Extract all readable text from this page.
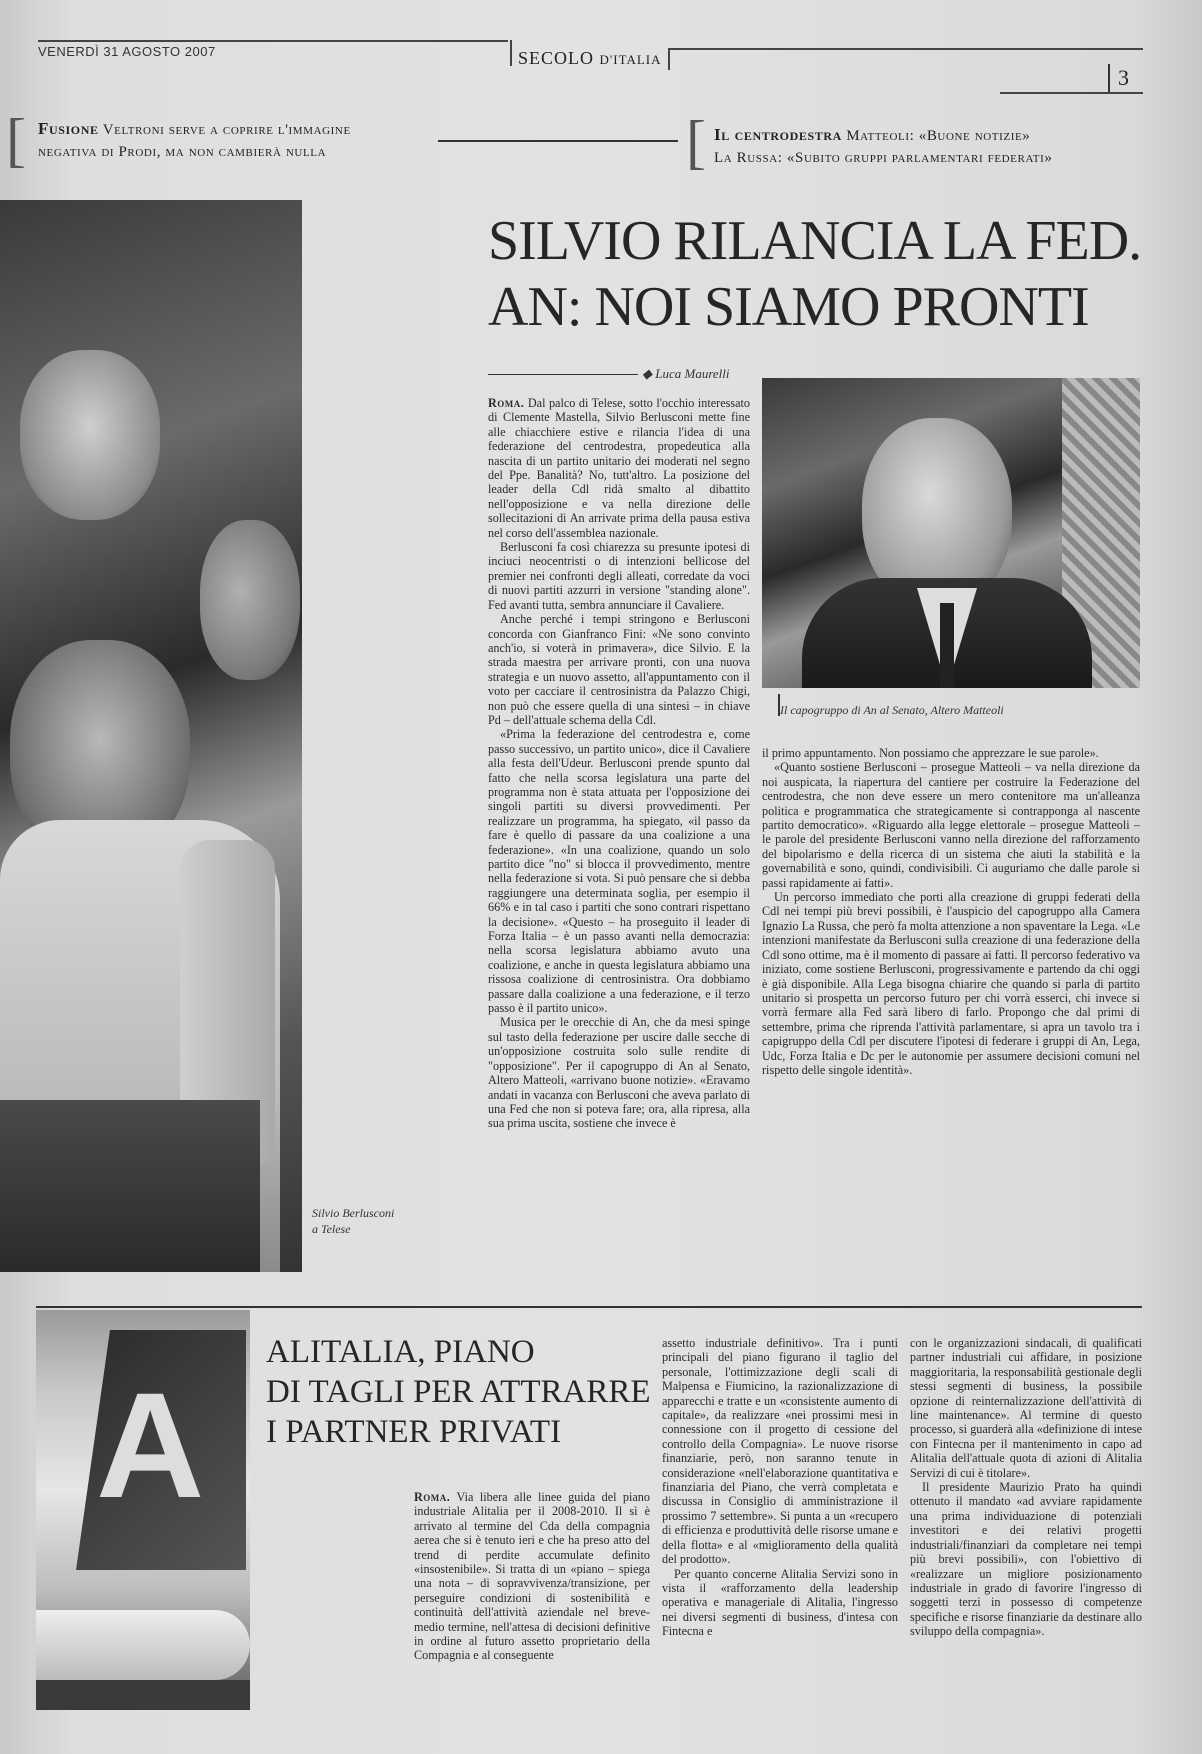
VENERDÌ 31 AGOSTO 2007	SECOLO D'ITALIA
3
[ Fusione Veltroni serve a coprire l'immagine
negativa di Prodi, ma non cambierà nulla	[ Il centrodestra Matteoli: «Buone notizie»
La Russa: «Subito gruppi parlamentari federati»
SILVIO RILANCIA LA FED.
AN: NOI SIAMO PRONTI
◆ Luca Maurelli
Silvio Berlusconi a Telese
Il capogruppo di An al Senato, Altero Matteoli

Roma. Dal palco di Telese, sotto l'occhio interessato di Clemente Mastella, Silvio Berlusconi mette fine alle chiacchiere estive e rilancia l'idea di una federazione del centrodestra, propedeutica alla nascita di un partito unitario dei moderati nel segno del Ppe. Banalità? No, tutt'altro. La posizione del leader della Cdl ridà smalto al dibattito nell'opposizione e va nella direzione delle sollecitazioni di An arrivate prima della pausa estiva nel corso dell'assemblea nazionale.

Berlusconi fa così chiarezza su presunte ipotesi di inciuci neocentristi o di intenzioni bellicose del premier nei confronti degli alleati, corredate da voci di nuovi partiti azzurri in versione "standing alone". Fed avanti tutta, sembra annunciare il Cavaliere.

Anche perché i tempi stringono e Berlusconi concorda con Gianfranco Fini: «Ne sono convinto anch'io, si voterà in primavera», dice Silvio. E la strada maestra per arrivare pronti, con una nuova strategia e un nuovo assetto, all'appuntamento con il voto per cacciare il centrosinistra da Palazzo Chigi, non può che essere quella di una sintesi – in chiave Pd – dell'attuale schema della Cdl.

«Prima la federazione del centrodestra e, come passo successivo, un partito unico», dice il Cavaliere alla festa dell'Udeur. Berlusconi prende spunto dal fatto che nella scorsa legislatura una parte del programma non è stata attuata per l'opposizione dei singoli partiti su diversi provvedimenti. Per realizzare un programma, ha spiegato, «il passo da fare è quello di passare da una coalizione a una federazione». «In una coalizione, quando un solo partito dice "no" si blocca il provvedimento, mentre nella federazione si vota. Si può pensare che si debba raggiungere una determinata soglia, per esempio il 66% e in tal caso i partiti che sono contrari rispettano la decisione». «Questo – ha proseguito il leader di Forza Italia – è un passo avanti nella democrazia: nella scorsa legislatura abbiamo avuto una coalizione, e anche in questa legislatura abbiamo una rissosa coalizione di centrosinistra. Ora dobbiamo passare dalla coalizione a una federazione, e il terzo passo è il partito unico».

Musica per le orecchie di An, che da mesi spinge sul tasto della federazione per uscire dalle secche di un'opposizione costruita solo sulle rendite di "opposizione". Per il capogruppo di An al Senato, Altero Matteoli, «arrivano buone notizie». «Eravamo andati in vacanza con Berlusconi che aveva parlato di una Fed che non si poteva fare; ora, alla ripresa, alla sua prima uscita, sostiene che invece è

il primo appuntamento. Non possiamo che apprezzare le sue parole».

«Quanto sostiene Berlusconi – prosegue Matteoli – va nella direzione da noi auspicata, la riapertura del cantiere per costruire la Federazione del centrodestra, che non deve essere un mero contenitore ma un'alleanza politica e programmatica che strategicamente si contrapponga al nascente partito democratico». «Riguardo alla legge elettorale – prosegue Matteoli – le parole del presidente Berlusconi vanno nella direzione del rafforzamento del bipolarismo e della ricerca di un sistema che aiuti la stabilità e la governabilità e sono, quindi, condivisibili. Ci auguriamo che dalle parole si passi rapidamente ai fatti».

Un percorso immediato che porti alla creazione di gruppi federati della Cdl nei tempi più brevi possibili, è l'auspicio del capogruppo alla Camera Ignazio La Russa, che però fa molta attenzione a non spaventare la Lega. «Le intenzioni manifestate da Berlusconi sulla creazione di una federazione della Cdl sono ottime, ma è il momento di passare ai fatti. Il percorso federativo va iniziato, come sostiene Berlusconi, progressivamente e partendo da chi oggi è già disponibile. Alla Lega bisogna chiarire che quando si parla di partito unitario si prospetta un percorso futuro per chi vorrà esserci, chi invece si vorrà fermare alla Fed sarà libero di farlo. Propongo che dal primi di settembre, prima che riprenda l'attività parlamentare, si apra un tavolo tra i capigruppo della Cdl per discutere l'ipotesi di federare i gruppi di An, Lega, Udc, Forza Italia e Dc per le autonomie per assumere decisioni comuni nel rispetto delle singole identità».

A
ALITALIA, PIANO
DI TAGLI PER ATTRARRE
I PARTNER PRIVATI

Roma. Via libera alle linee guida del piano industriale Alitalia per il 2008-2010. Il sì è arrivato al termine del Cda della compagnia aerea che si è tenuto ieri e che ha preso atto del trend di perdite accumulate definito «insostenibile». Si tratta di un «piano – spiega una nota – di sopravvivenza/transizione, per perseguire condizioni di sostenibilità e continuità dell'attività aziendale nel breve-medio termine, nell'attesa di decisioni definitive in ordine al futuro assetto proprietario della Compagnia e al conseguente

assetto industriale definitivo». Tra i punti principali del piano figurano il taglio del personale, l'ottimizzazione degli scali di Malpensa e Fiumicino, la razionalizzazione di apparecchi e tratte e un «consistente aumento di capitale», da realizzare «nei prossimi mesi in connessione con il progetto di cessione del controllo della Compagnia». Le nuove risorse finanziarie, però, non saranno tenute in considerazione «nell'elaborazione quantitativa e finanziaria del Piano, che verrà completata e discussa in Consiglio di amministrazione il prossimo 7 settembre». Si punta a un «recupero di efficienza e produttività delle risorse umane e della flotta» e al «miglioramento della qualità del prodotto».

Per quanto concerne Alitalia Servizi sono in vista il «rafforzamento della leadership operativa e manageriale di Alitalia, l'ingresso nei diversi segmenti di business, d'intesa con Fintecna e

con le organizzazioni sindacali, di qualificati partner industriali cui affidare, in posizione maggioritaria, la responsabilità gestionale degli stessi segmenti di business, la possibile opzione di reinternalizzazione dell'attività di line maintenance». Al termine di questo processo, si guarderà alla «definizione di intese con Fintecna per il mantenimento in capo ad Alitalia dell'attuale quota di azioni di Alitalia Servizi di cui è titolare».

Il presidente Maurizio Prato ha quindi ottenuto il mandato «ad avviare rapidamente una prima individuazione di potenziali investitori e dei relativi progetti industriali/finanziari da completare nei tempi più brevi possibili», con l'obiettivo di «realizzare un migliore posizionamento industriale in grado di favorire l'ingresso di soggetti terzi in possesso di competenze specifiche e risorse finanziarie da destinare allo sviluppo della compagnia».
